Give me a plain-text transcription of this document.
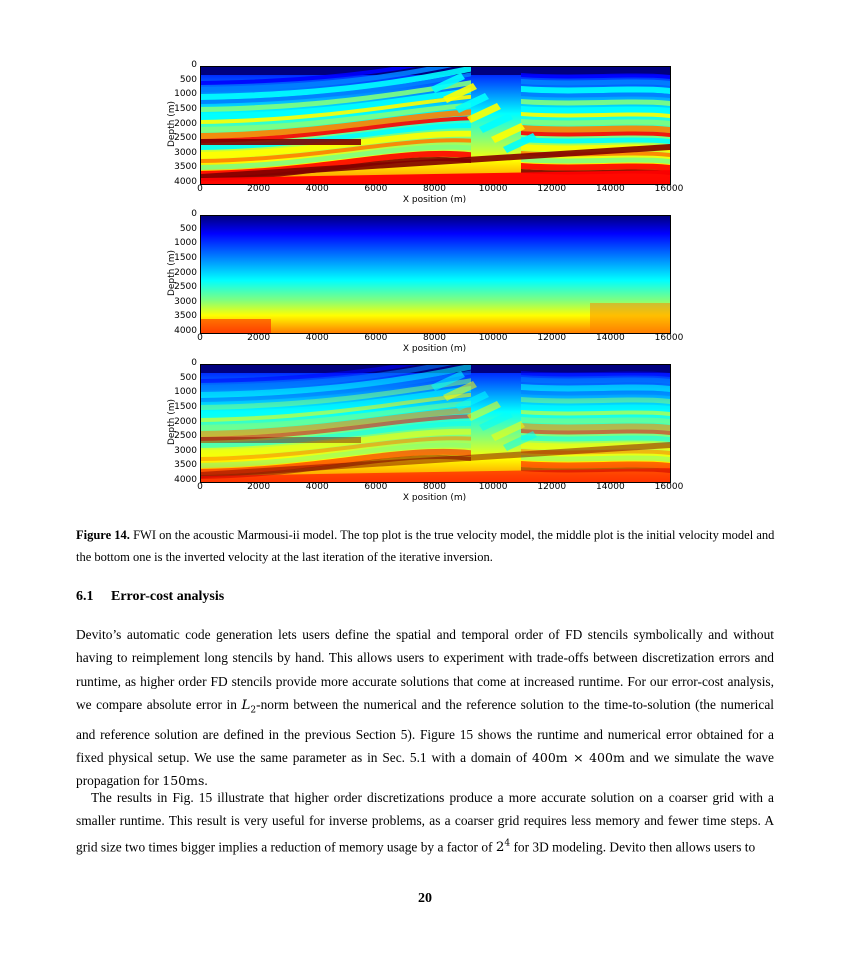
Depth (m)
0
500
1000
1500
2000
2500
3000
3500
4000
0	2000	4000	6000	8000	10000	12000	14000	16000
X position (m)
Depth (m)
0
500
1000
1500
2000
2500
3000
3500
4000
0	2000	4000	6000	8000	10000	12000	14000	16000
X position (m)
Depth (m)
0
500
1000
1500
2000
2500
3000
3500
4000
0	2000	4000	6000	8000	10000	12000	14000	16000
X position (m)
Figure 14. FWI on the acoustic Marmousi-ii model. The top plot is the true velocity model, the middle plot is the initial velocity model and the bottom one is the inverted velocity at the last iteration of the iterative inversion.
6.1 Error-cost analysis
Devito’s automatic code generation lets users define the spatial and temporal order of FD stencils symbolically and without having to reimplement long stencils by hand. This allows users to experiment with trade-offs between discretization errors and runtime, as higher order FD stencils provide more accurate solutions that come at increased runtime. For our error-cost analysis, we compare absolute error in $L_2$-norm between the numerical and the reference solution to the time-to-solution (the numerical and reference solution are defined in the previous Section 5). Figure 15 shows the runtime and numerical error obtained for a fixed physical setup. We use the same parameter as in Sec. 5.1 with a domain of 400m × 400m and we simulate the wave propagation for 150ms.
The results in Fig. 15 illustrate that higher order discretizations produce a more accurate solution on a coarser grid with a smaller runtime. This result is very useful for inverse problems, as a coarser grid requires less memory and fewer time steps. A grid size two times bigger implies a reduction of memory usage by a factor of $2^4$ for 3D modeling. Devito then allows users to
20
